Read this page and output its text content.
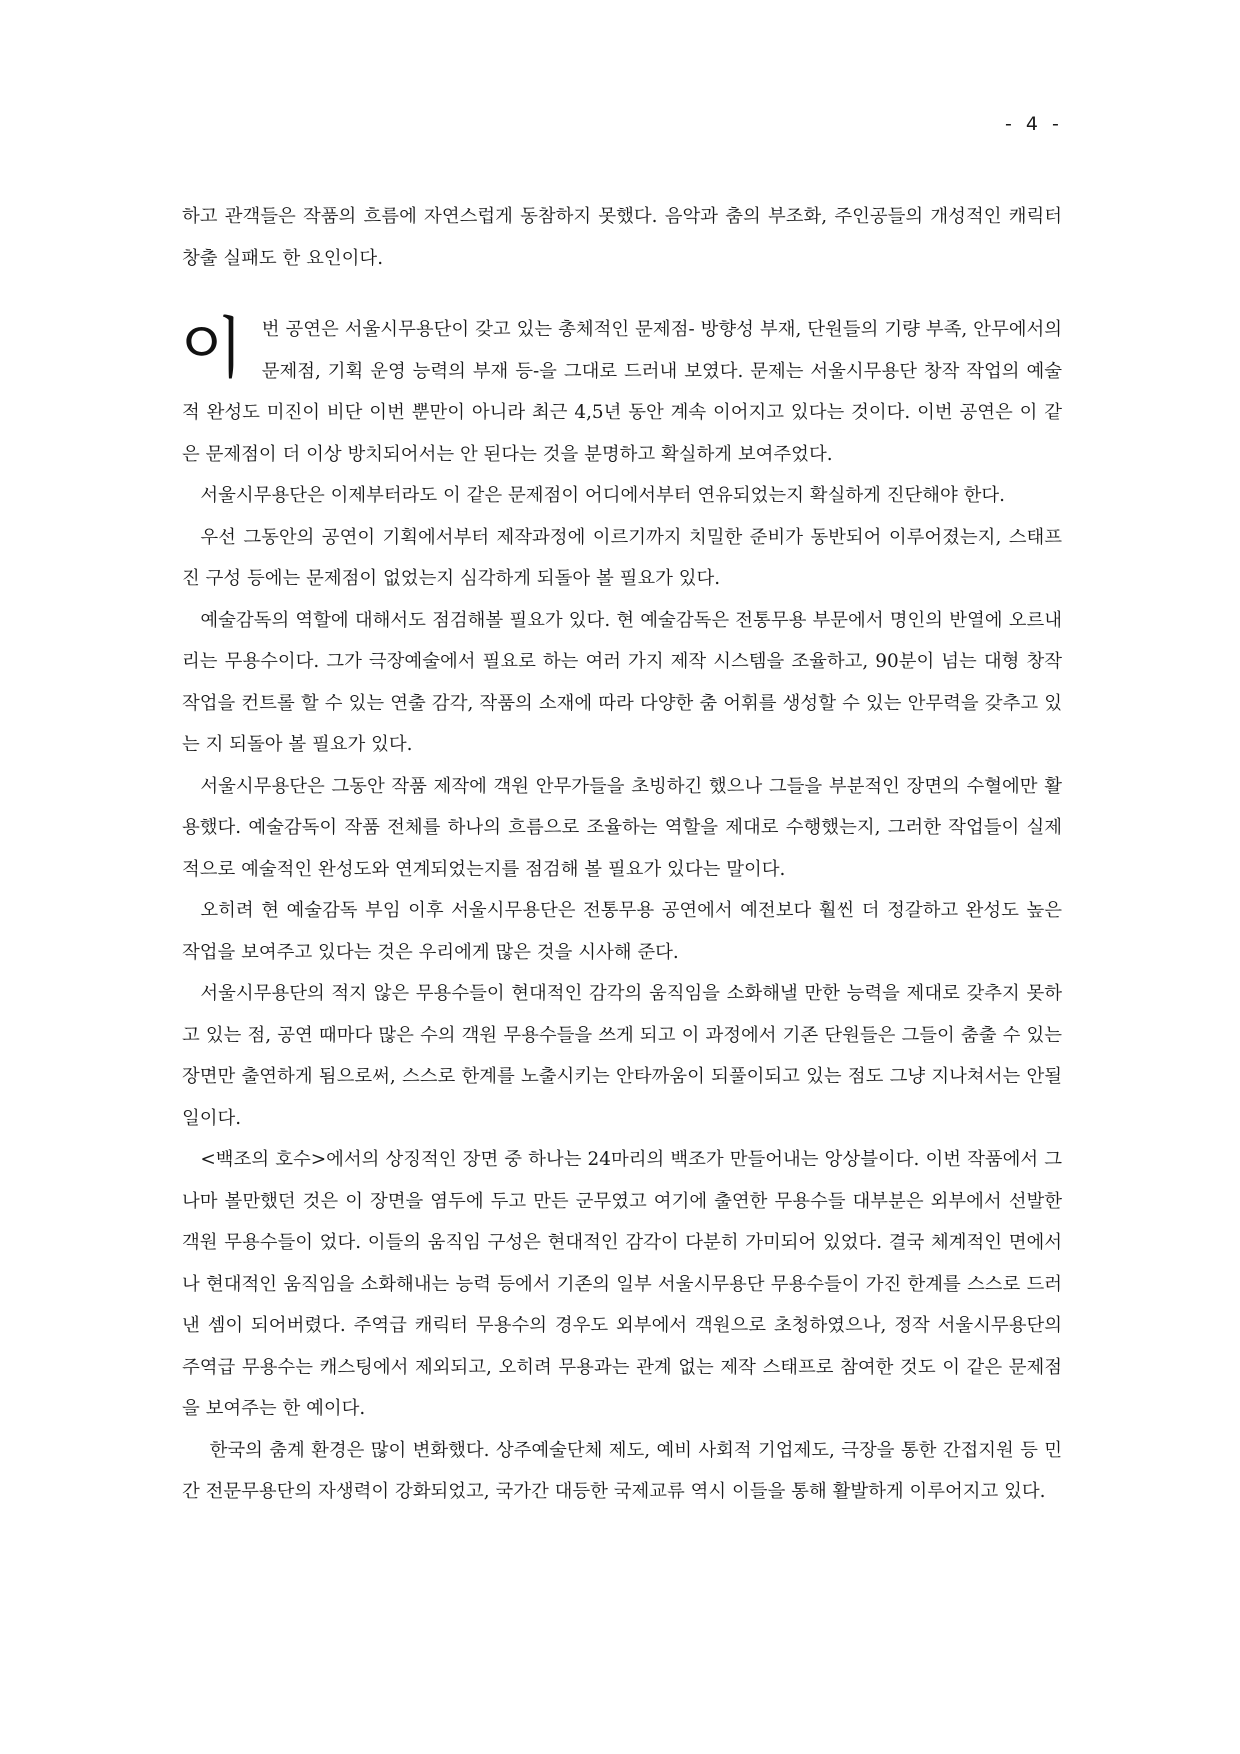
- 4 -

하고 관객들은 작품의 흐름에 자연스럽게 동참하지 못했다. 음악과 춤의 부조화, 주인공들의 개성적인 캐릭터 창출 실패도 한 요인이다.

이 번 공연은 서울시무용단이 갖고 있는 총체적인 문제점- 방향성 부재, 단원들의 기량 부족, 안무에서의 문제점, 기획 운영 능력의 부재 등-을 그대로 드러내 보였다. 문제는 서울시무용단 창작 작업의 예술적 완성도 미진이 비단 이번 뿐만이 아니라 최근 4,5년 동안 계속 이어지고 있다는 것이다. 이번 공연은 이 같은 문제점이 더 이상 방치되어서는 안 된다는 것을 분명하고 확실하게 보여주었다.

서울시무용단은 이제부터라도 이 같은 문제점이 어디에서부터 연유되었는지 확실하게 진단해야 한다.

우선 그동안의 공연이 기획에서부터 제작과정에 이르기까지 치밀한 준비가 동반되어 이루어졌는지, 스태프진 구성 등에는 문제점이 없었는지 심각하게 되돌아 볼 필요가 있다.

예술감독의 역할에 대해서도 점검해볼 필요가 있다. 현 예술감독은 전통무용 부문에서 명인의 반열에 오르내리는 무용수이다. 그가 극장예술에서 필요로 하는 여러 가지 제작 시스템을 조율하고, 90분이 넘는 대형 창작 작업을 컨트롤 할 수 있는 연출 감각, 작품의 소재에 따라 다양한 춤 어휘를 생성할 수 있는 안무력을 갖추고 있는 지 되돌아 볼 필요가 있다.

서울시무용단은 그동안 작품 제작에 객원 안무가들을 초빙하긴 했으나 그들을 부분적인 장면의 수혈에만 활용했다. 예술감독이 작품 전체를 하나의 흐름으로 조율하는 역할을 제대로 수행했는지, 그러한 작업들이 실제적으로 예술적인 완성도와 연계되었는지를 점검해 볼 필요가 있다는 말이다.

오히려 현 예술감독 부임 이후 서울시무용단은 전통무용 공연에서 예전보다 훨씬 더 정갈하고 완성도 높은 작업을 보여주고 있다는 것은 우리에게 많은 것을 시사해 준다.

서울시무용단의 적지 않은 무용수들이 현대적인 감각의 움직임을 소화해낼 만한 능력을 제대로 갖추지 못하고 있는 점, 공연 때마다 많은 수의 객원 무용수들을 쓰게 되고 이 과정에서 기존 단원들은 그들이 춤출 수 있는 장면만 출연하게 됨으로써, 스스로 한계를 노출시키는 안타까움이 되풀이되고 있는 점도 그냥 지나쳐서는 안될 일이다.

<백조의 호수>에서의 상징적인 장면 중 하나는 24마리의 백조가 만들어내는 앙상블이다. 이번 작품에서 그나마 볼만했던 것은 이 장면을 염두에 두고 만든 군무였고 여기에 출연한 무용수들 대부분은 외부에서 선발한 객원 무용수들이 었다. 이들의 움직임 구성은 현대적인 감각이 다분히 가미되어 있었다. 결국 체계적인 면에서나 현대적인 움직임을 소화해내는 능력 등에서 기존의 일부 서울시무용단 무용수들이 가진 한계를 스스로 드러낸 셈이 되어버렸다. 주역급 캐릭터 무용수의 경우도 외부에서 객원으로 초청하였으나, 정작 서울시무용단의 주역급 무용수는 캐스팅에서 제외되고, 오히려 무용과는 관계 없는 제작 스태프로 참여한 것도 이 같은 문제점을 보여주는 한 예이다.

한국의 춤계 환경은 많이 변화했다. 상주예술단체 제도, 예비 사회적 기업제도, 극장을 통한 간접지원 등 민간 전문무용단의 자생력이 강화되었고, 국가간 대등한 국제교류 역시 이들을 통해 활발하게 이루어지고 있다.
